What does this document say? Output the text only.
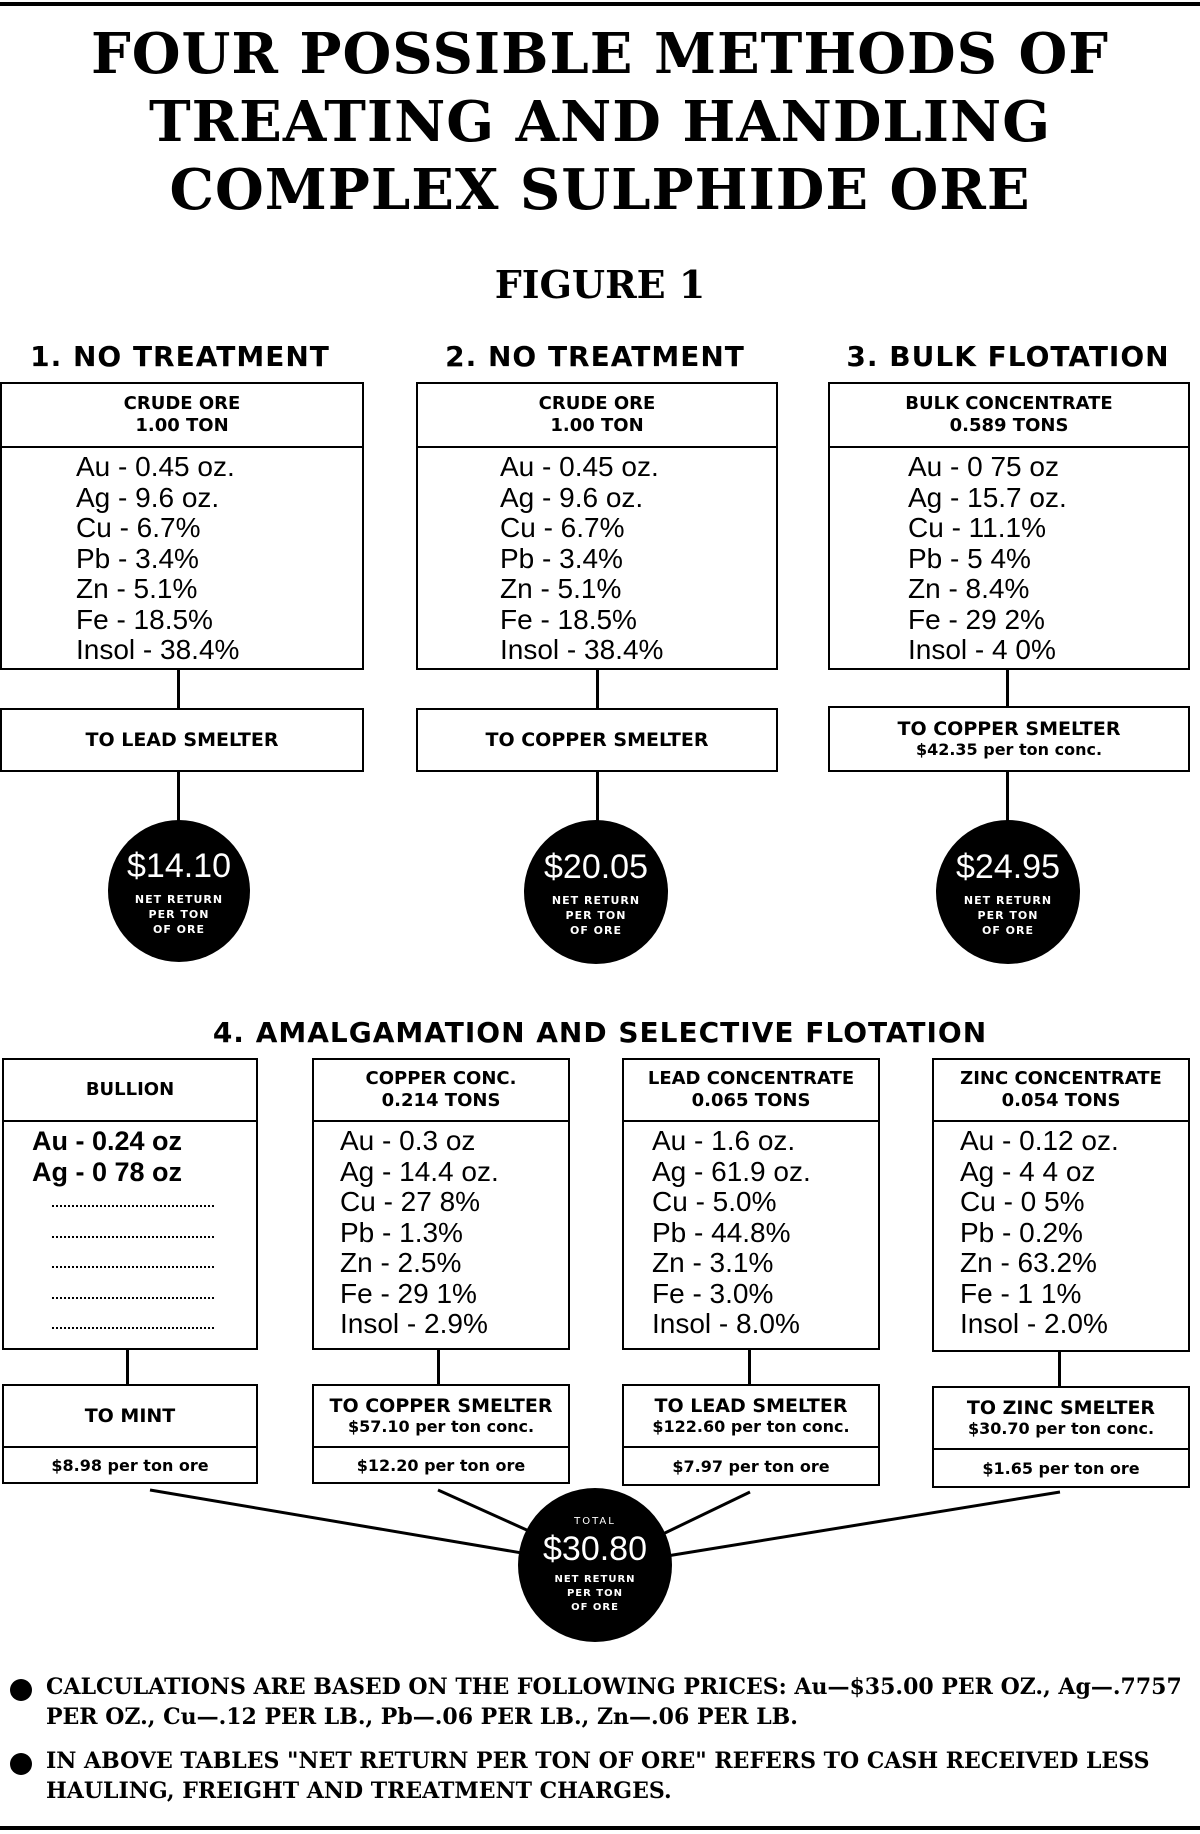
FOUR POSSIBLE METHODS OF
TREATING AND HANDLING
COMPLEX SULPHIDE ORE
FIGURE 1
1. NO TREATMENT
CRUDE ORE
1.00 TON
Au - 0.45 oz.
Ag - 9.6 oz.
Cu - 6.7%
Pb - 3.4%
Zn - 5.1%
Fe - 18.5%
Insol - 38.4%
TO LEAD SMELTER
$14.10
NET RETURN
PER TON
OF ORE
2. NO TREATMENT
CRUDE ORE
1.00 TON
Au - 0.45 oz.
Ag - 9.6 oz.
Cu - 6.7%
Pb - 3.4%
Zn - 5.1%
Fe - 18.5%
Insol - 38.4%
TO COPPER SMELTER
$20.05
NET RETURN
PER TON
OF ORE
3. BULK FLOTATION
BULK CONCENTRATE
0.589 TONS
Au - 0 75 oz
Ag - 15.7 oz.
Cu - 11.1%
Pb - 5 4%
Zn - 8.4%
Fe - 29 2%
Insol - 4 0%
TO COPPER SMELTER
$42.35 per ton conc.
$24.95
NET RETURN
PER TON
OF ORE
4. AMALGAMATION AND SELECTIVE FLOTATION
BULLION
Au - 0.24 oz
Ag - 0 78 oz
TO MINT
$8.98 per ton ore
COPPER CONC.
0.214 TONS
Au - 0.3 oz
Ag - 14.4 oz.
Cu - 27 8%
Pb - 1.3%
Zn - 2.5%
Fe - 29 1%
Insol - 2.9%
TO COPPER SMELTER
$57.10 per ton conc.
$12.20 per ton ore
LEAD CONCENTRATE
0.065 TONS
Au - 1.6 oz.
Ag - 61.9 oz.
Cu - 5.0%
Pb - 44.8%
Zn - 3.1%
Fe - 3.0%
Insol - 8.0%
TO LEAD SMELTER
$122.60 per ton conc.
$7.97 per ton ore
ZINC CONCENTRATE
0.054 TONS
Au - 0.12 oz.
Ag - 4 4 oz
Cu - 0 5%
Pb - 0.2%
Zn - 63.2%
Fe - 1 1%
Insol - 2.0%
TO ZINC SMELTER
$30.70 per ton conc.
$1.65 per ton ore
TOTAL
$30.80
NET RETURN
PER TON
OF ORE
CALCULATIONS ARE BASED ON THE FOLLOWING PRICES: Au—$35.00 PER OZ., Ag—.7757 PER OZ., Cu—.12 PER LB., Pb—.06 PER LB., Zn—.06 PER LB.
IN ABOVE TABLES "NET RETURN PER TON OF ORE" REFERS TO CASH RECEIVED LESS HAULING, FREIGHT AND TREATMENT CHARGES.
